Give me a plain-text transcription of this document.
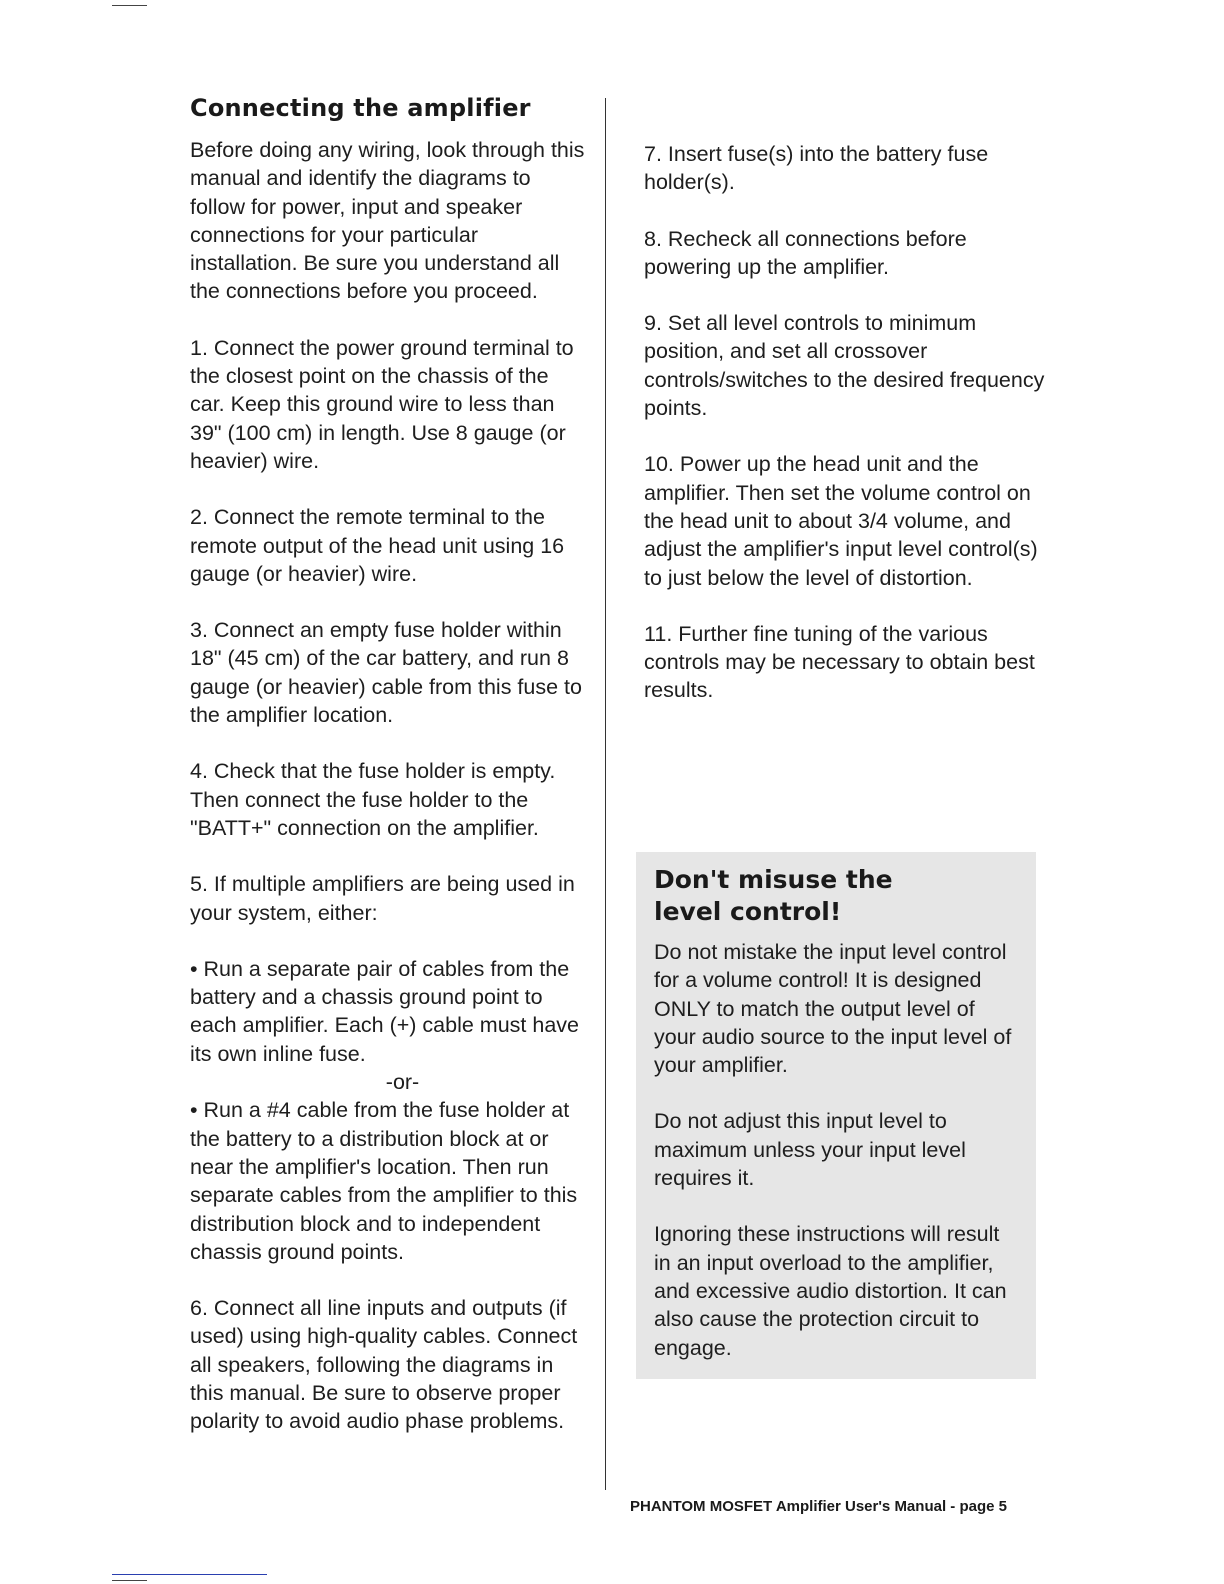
Connecting the amplifier

Before doing any wiring, look through this manual and identify the diagrams to follow for power, input and speaker connections for your particular installation. Be sure you understand all the connections before you proceed.

1. Connect the power ground terminal to the closest point on the chassis of the car. Keep this ground wire to less than 39" (100 cm) in length. Use 8 gauge (or heavier) wire.

2. Connect the remote terminal to the remote output of the head unit using 16 gauge (or heavier) wire.

3. Connect an empty fuse holder within 18" (45 cm) of the car battery, and run 8 gauge (or heavier) cable from this fuse to the amplifier location.

4. Check that the fuse holder is empty. Then connect the fuse holder to the "BATT+" connection on the amplifier.

5. If multiple amplifiers are being used in your system, either:

• Run a separate pair of cables from the battery and a chassis ground point to each amplifier. Each (+) cable must have its own inline fuse.

-or-

• Run a #4 cable from the fuse holder at the battery to a distribution block at or near the amplifier's location. Then run separate cables from the amplifier to this distribution block and to independent chassis ground points.

6. Connect all line inputs and outputs (if used) using high-quality cables. Connect all speakers, following the diagrams in this manual. Be sure to observe proper polarity to avoid audio phase problems.

7. Insert fuse(s) into the battery fuse holder(s).

8. Recheck all connections before powering up the amplifier.

9. Set all level controls to minimum position, and set all crossover controls/switches to the desired frequency points.

10. Power up the head unit and the amplifier. Then set the volume control on the head unit to about 3/4 volume, and adjust the amplifier's input level control(s) to just below the level of distortion.

11. Further fine tuning of the various controls may be necessary to obtain best results.

Don't misuse the
level control!

Do not mistake the input level control for a volume control! It is designed ONLY to match the output level of your audio source to the input level of your amplifier.

Do not adjust this input level to maximum unless your input level requires it.

Ignoring these instructions will result in an input overload to the amplifier, and excessive audio distortion. It can also cause the protection circuit to engage.

PHANTOM MOSFET Amplifier User's Manual - page 5
